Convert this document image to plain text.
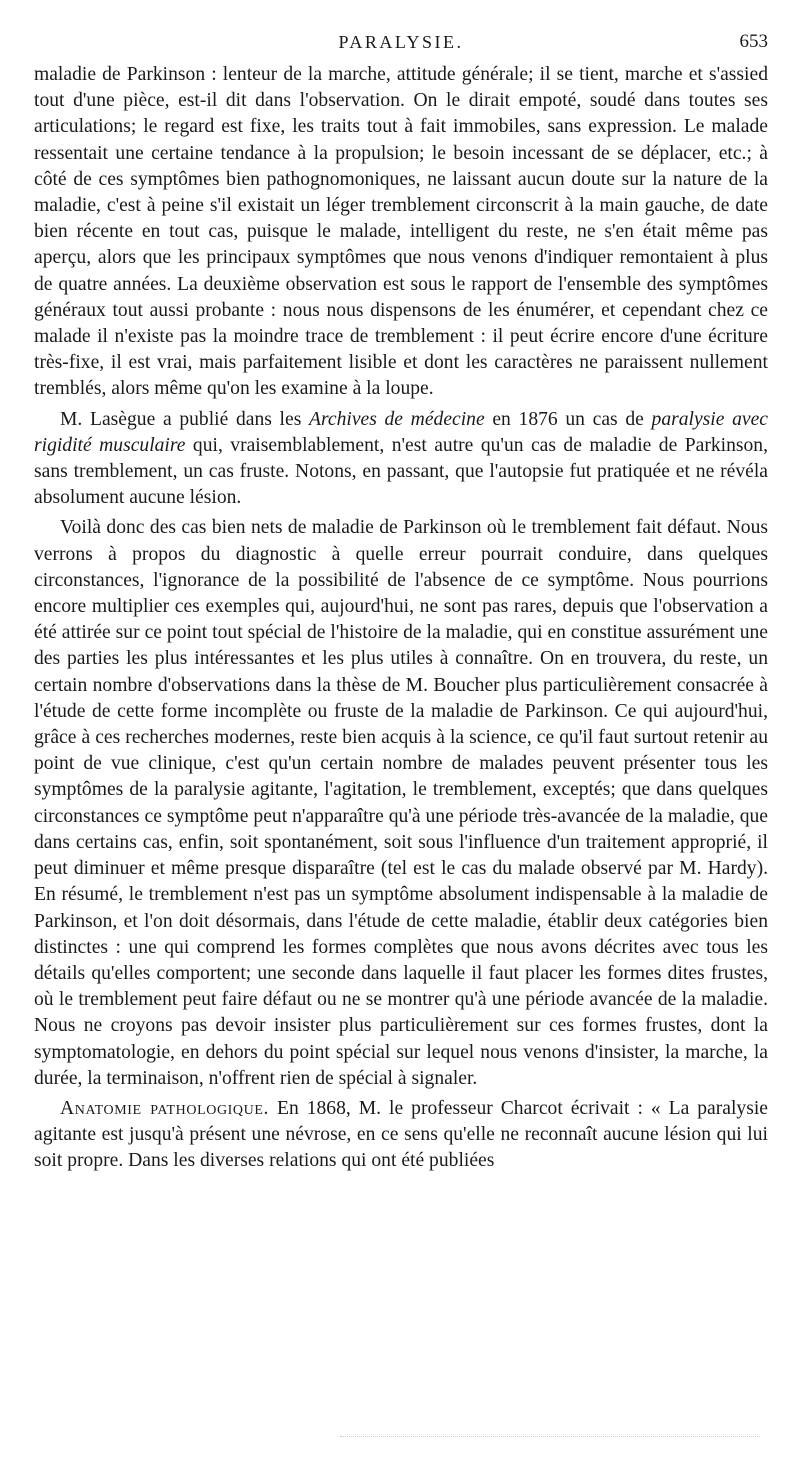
PARALYSIE.	653

maladie de Parkinson : lenteur de la marche, attitude générale; il se tient, marche et s'assied tout d'une pièce, est-il dit dans l'observation. On le dirait empoté, soudé dans toutes ses articulations; le regard est fixe, les traits tout à fait immobiles, sans expression. Le malade ressentait une certaine tendance à la propulsion; le besoin incessant de se déplacer, etc.; à côté de ces symptômes bien pathognomoniques, ne laissant aucun doute sur la nature de la maladie, c'est à peine s'il existait un léger tremblement circonscrit à la main gauche, de date bien récente en tout cas, puisque le malade, intelligent du reste, ne s'en était même pas aperçu, alors que les principaux symptômes que nous venons d'indiquer remontaient à plus de quatre années. La deuxième observation est sous le rapport de l'ensemble des symptômes généraux tout aussi probante : nous nous dispensons de les énumérer, et cependant chez ce malade il n'existe pas la moindre trace de tremblement : il peut écrire encore d'une écriture très-fixe, il est vrai, mais parfaitement lisible et dont les caractères ne paraissent nullement tremblés, alors même qu'on les examine à la loupe.

M. Lasègue a publié dans les Archives de médecine en 1876 un cas de paralysie avec rigidité musculaire qui, vraisemblablement, n'est autre qu'un cas de maladie de Parkinson, sans tremblement, un cas fruste. Notons, en passant, que l'autopsie fut pratiquée et ne révéla absolument aucune lésion.

Voilà donc des cas bien nets de maladie de Parkinson où le tremblement fait défaut. Nous verrons à propos du diagnostic à quelle erreur pourrait conduire, dans quelques circonstances, l'ignorance de la possibilité de l'absence de ce symptôme. Nous pourrions encore multiplier ces exemples qui, aujourd'hui, ne sont pas rares, depuis que l'observation a été attirée sur ce point tout spécial de l'histoire de la maladie, qui en constitue assurément une des parties les plus intéressantes et les plus utiles à connaître. On en trouvera, du reste, un certain nombre d'observations dans la thèse de M. Boucher plus particulièrement consacrée à l'étude de cette forme incomplète ou fruste de la maladie de Parkinson. Ce qui aujourd'hui, grâce à ces recherches modernes, reste bien acquis à la science, ce qu'il faut surtout retenir au point de vue clinique, c'est qu'un certain nombre de malades peuvent présenter tous les symptômes de la paralysie agitante, l'agitation, le tremblement, exceptés; que dans quelques circonstances ce symptôme peut n'apparaître qu'à une période très-avancée de la maladie, que dans certains cas, enfin, soit spontanément, soit sous l'influence d'un traitement approprié, il peut diminuer et même presque disparaître (tel est le cas du malade observé par M. Hardy). En résumé, le tremblement n'est pas un symptôme absolument indispensable à la maladie de Parkinson, et l'on doit désormais, dans l'étude de cette maladie, établir deux catégories bien distinctes : une qui comprend les formes complètes que nous avons décrites avec tous les détails qu'elles comportent; une seconde dans laquelle il faut placer les formes dites frustes, où le tremblement peut faire défaut ou ne se montrer qu'à une période avancée de la maladie. Nous ne croyons pas devoir insister plus particulièrement sur ces formes frustes, dont la symptomatologie, en dehors du point spécial sur lequel nous venons d'insister, la marche, la durée, la terminaison, n'offrent rien de spécial à signaler.

Anatomie pathologique. En 1868, M. le professeur Charcot écrivait : « La paralysie agitante est jusqu'à présent une névrose, en ce sens qu'elle ne reconnaît aucune lésion qui lui soit propre. Dans les diverses relations qui ont été publiées
